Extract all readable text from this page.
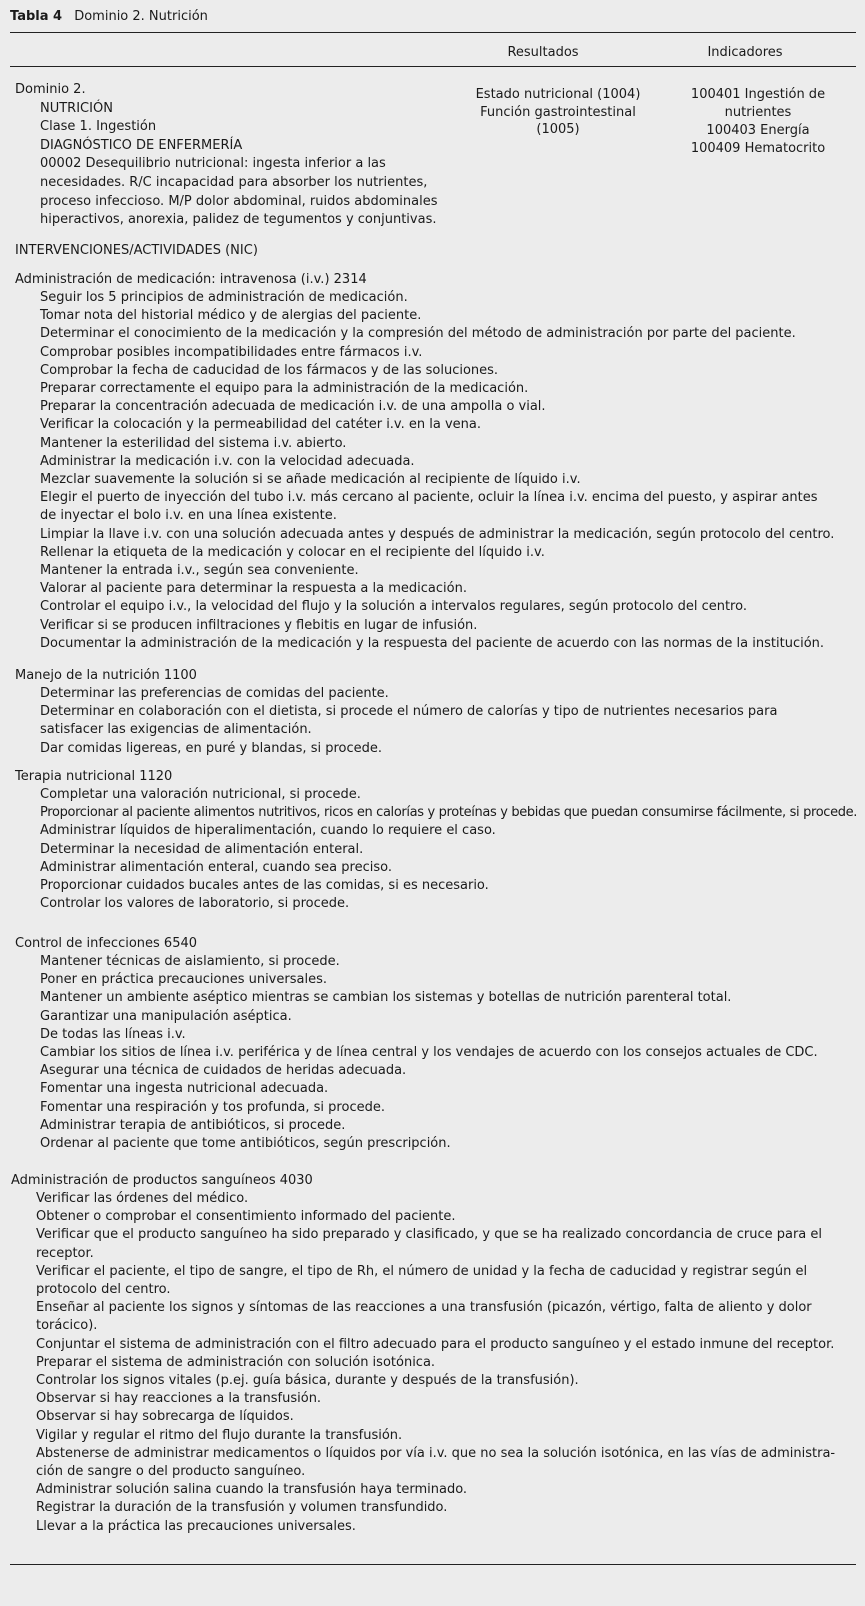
Tabla 4 Dominio 2. Nutrición
Resultados	Indicadores
Dominio 2.
NUTRICIÓN
Clase 1. Ingestión
DIAGNÓSTICO DE ENFERMERÍA
00002 Desequilibrio nutricional: ingesta inferior a las
necesidades. R/C incapacidad para absorber los nutrientes,
proceso infeccioso. M/P dolor abdominal, ruidos abdominales
hiperactivos, anorexia, palidez de tegumentos y conjuntivas.
Estado nutricional (1004)
Función gastrointestinal
(1005)
100401 Ingestión de
nutrientes
100403 Energía
100409 Hematocrito
INTERVENCIONES/ACTIVIDADES (NIC)
Administración de medicación: intravenosa (i.v.) 2314
Seguir los 5 principios de administración de medicación.
Tomar nota del historial médico y de alergias del paciente.
Determinar el conocimiento de la medicación y la compresión del método de administración por parte del paciente.
Comprobar posibles incompatibilidades entre fármacos i.v.
Comprobar la fecha de caducidad de los fármacos y de las soluciones.
Preparar correctamente el equipo para la administración de la medicación.
Preparar la concentración adecuada de medicación i.v. de una ampolla o vial.
Verificar la colocación y la permeabilidad del catéter i.v. en la vena.
Mantener la esterilidad del sistema i.v. abierto.
Administrar la medicación i.v. con la velocidad adecuada.
Mezclar suavemente la solución si se añade medicación al recipiente de líquido i.v.
Elegir el puerto de inyección del tubo i.v. más cercano al paciente, ocluir la línea i.v. encima del puesto, y aspirar antes
de inyectar el bolo i.v. en una línea existente.
Limpiar la llave i.v. con una solución adecuada antes y después de administrar la medicación, según protocolo del centro.
Rellenar la etiqueta de la medicación y colocar en el recipiente del líquido i.v.
Mantener la entrada i.v., según sea conveniente.
Valorar al paciente para determinar la respuesta a la medicación.
Controlar el equipo i.v., la velocidad del flujo y la solución a intervalos regulares, según protocolo del centro.
Verificar si se producen infiltraciones y flebitis en lugar de infusión.
Documentar la administración de la medicación y la respuesta del paciente de acuerdo con las normas de la institución.
Manejo de la nutrición 1100
Determinar las preferencias de comidas del paciente.
Determinar en colaboración con el dietista, si procede el número de calorías y tipo de nutrientes necesarios para
satisfacer las exigencias de alimentación.
Dar comidas ligereas, en puré y blandas, si procede.
Terapia nutricional 1120
Completar una valoración nutricional, si procede.
Proporcionar al paciente alimentos nutritivos, ricos en calorías y proteínas y bebidas que puedan consumirse fácilmente, si procede.
Administrar líquidos de hiperalimentación, cuando lo requiere el caso.
Determinar la necesidad de alimentación enteral.
Administrar alimentación enteral, cuando sea preciso.
Proporcionar cuidados bucales antes de las comidas, si es necesario.
Controlar los valores de laboratorio, si procede.
Control de infecciones 6540
Mantener técnicas de aislamiento, si procede.
Poner en práctica precauciones universales.
Mantener un ambiente aséptico mientras se cambian los sistemas y botellas de nutrición parenteral total.
Garantizar una manipulación aséptica.
De todas las líneas i.v.
Cambiar los sitios de línea i.v. periférica y de línea central y los vendajes de acuerdo con los consejos actuales de CDC.
Asegurar una técnica de cuidados de heridas adecuada.
Fomentar una ingesta nutricional adecuada.
Fomentar una respiración y tos profunda, si procede.
Administrar terapia de antibióticos, si procede.
Ordenar al paciente que tome antibióticos, según prescripción.
Administración de productos sanguíneos 4030
Verificar las órdenes del médico.
Obtener o comprobar el consentimiento informado del paciente.
Verificar que el producto sanguíneo ha sido preparado y clasificado, y que se ha realizado concordancia de cruce para el
receptor.
Verificar el paciente, el tipo de sangre, el tipo de Rh, el número de unidad y la fecha de caducidad y registrar según el
protocolo del centro.
Enseñar al paciente los signos y síntomas de las reacciones a una transfusión (picazón, vértigo, falta de aliento y dolor
torácico).
Conjuntar el sistema de administración con el filtro adecuado para el producto sanguíneo y el estado inmune del receptor.
Preparar el sistema de administración con solución isotónica.
Controlar los signos vitales (p.ej. guía básica, durante y después de la transfusión).
Observar si hay reacciones a la transfusión.
Observar si hay sobrecarga de líquidos.
Vigilar y regular el ritmo del flujo durante la transfusión.
Abstenerse de administrar medicamentos o líquidos por vía i.v. que no sea la solución isotónica, en las vías de administra-
ción de sangre o del producto sanguíneo.
Administrar solución salina cuando la transfusión haya terminado.
Registrar la duración de la transfusión y volumen transfundido.
Llevar a la práctica las precauciones universales.
